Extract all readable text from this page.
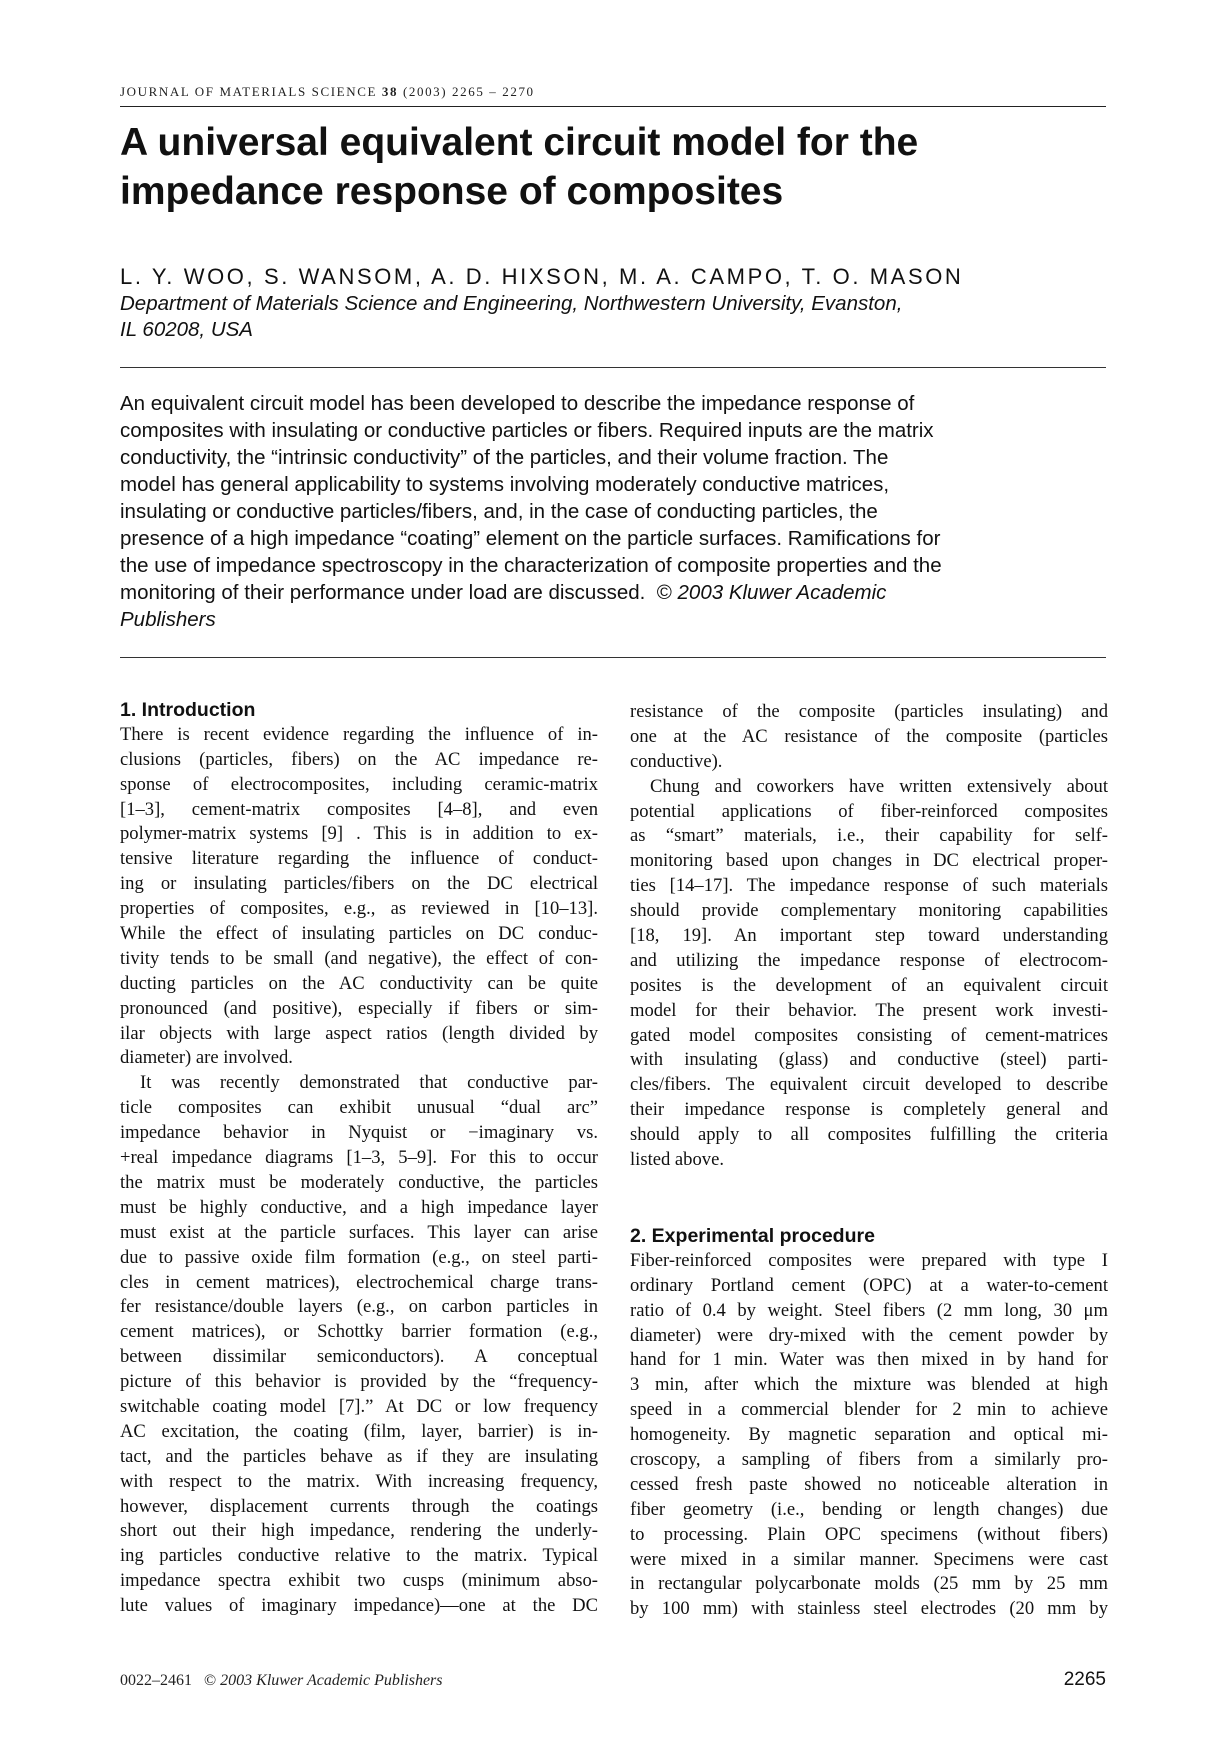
JOURNAL OF MATERIALS SCIENCE 38 (2003) 2265 – 2270
A universal equivalent circuit model for the
impedance response of composites
L. Y. WOO, S. WANSOM, A. D. HIXSON, M. A. CAMPO, T. O. MASON
Department of Materials Science and Engineering, Northwestern University, Evanston,
IL 60208, USA
An equivalent circuit model has been developed to describe the impedance response of
composites with insulating or conductive particles or fibers. Required inputs are the matrix
conductivity, the “intrinsic conductivity” of the particles, and their volume fraction. The
model has general applicability to systems involving moderately conductive matrices,
insulating or conductive particles/fibers, and, in the case of conducting particles, the
presence of a high impedance “coating” element on the particle surfaces. Ramifications for
the use of impedance spectroscopy in the characterization of composite properties and the
monitoring of their performance under load are discussed. © 2003 Kluwer Academic
Publishers
1. Introduction
There is recent evidence regarding the influence of in-
clusions (particles, fibers) on the AC impedance re-
sponse of electrocomposites, including ceramic-matrix
[1–3], cement-matrix composites [4–8], and even
polymer-matrix systems [9] . This is in addition to ex-
tensive literature regarding the influence of conduct-
ing or insulating particles/fibers on the DC electrical
properties of composites, e.g., as reviewed in [10–13].
While the effect of insulating particles on DC conduc-
tivity tends to be small (and negative), the effect of con-
ducting particles on the AC conductivity can be quite
pronounced (and positive), especially if fibers or sim-
ilar objects with large aspect ratios (length divided by
diameter) are involved.
It was recently demonstrated that conductive par-
ticle composites can exhibit unusual “dual arc”
impedance behavior in Nyquist or −imaginary vs.
+real impedance diagrams [1–3, 5–9]. For this to occur
the matrix must be moderately conductive, the particles
must be highly conductive, and a high impedance layer
must exist at the particle surfaces. This layer can arise
due to passive oxide film formation (e.g., on steel parti-
cles in cement matrices), electrochemical charge trans-
fer resistance/double layers (e.g., on carbon particles in
cement matrices), or Schottky barrier formation (e.g.,
between dissimilar semiconductors). A conceptual
picture of this behavior is provided by the “frequency-
switchable coating model [7].” At DC or low frequency
AC excitation, the coating (film, layer, barrier) is in-
tact, and the particles behave as if they are insulating
with respect to the matrix. With increasing frequency,
however, displacement currents through the coatings
short out their high impedance, rendering the underly-
ing particles conductive relative to the matrix. Typical
impedance spectra exhibit two cusps (minimum abso-
lute values of imaginary impedance)—one at the DC
resistance of the composite (particles insulating) and
one at the AC resistance of the composite (particles
conductive).
Chung and coworkers have written extensively about
potential applications of fiber-reinforced composites
as “smart” materials, i.e., their capability for self-
monitoring based upon changes in DC electrical proper-
ties [14–17]. The impedance response of such materials
should provide complementary monitoring capabilities
[18, 19]. An important step toward understanding
and utilizing the impedance response of electrocom-
posites is the development of an equivalent circuit
model for their behavior. The present work investi-
gated model composites consisting of cement-matrices
with insulating (glass) and conductive (steel) parti-
cles/fibers. The equivalent circuit developed to describe
their impedance response is completely general and
should apply to all composites fulfilling the criteria
listed above.
2. Experimental procedure
Fiber-reinforced composites were prepared with type I
ordinary Portland cement (OPC) at a water-to-cement
ratio of 0.4 by weight. Steel fibers (2 mm long, 30 μm
diameter) were dry-mixed with the cement powder by
hand for 1 min. Water was then mixed in by hand for
3 min, after which the mixture was blended at high
speed in a commercial blender for 2 min to achieve
homogeneity. By magnetic separation and optical mi-
croscopy, a sampling of fibers from a similarly pro-
cessed fresh paste showed no noticeable alteration in
fiber geometry (i.e., bending or length changes) due
to processing. Plain OPC specimens (without fibers)
were mixed in a similar manner. Specimens were cast
in rectangular polycarbonate molds (25 mm by 25 mm
by 100 mm) with stainless steel electrodes (20 mm by
0022–2461 © 2003 Kluwer Academic Publishers	2265
